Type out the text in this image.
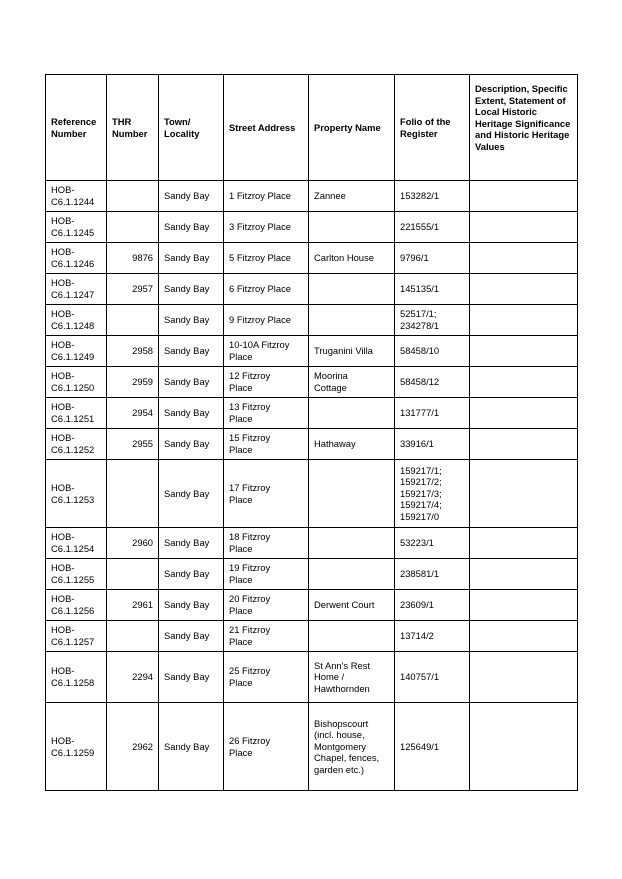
Reference Number	THR Number	Town/ Locality	Street Address	Property Name	Folio of the Register	Description, Specific Extent, Statement of Local Historic Heritage Significance and Historic Heritage Values
HOB-
C6.1.1244		Sandy Bay	1 Fitzroy Place	Zannee	153282/1	
HOB-
C6.1.1245		Sandy Bay	3 Fitzroy Place		221555/1	
HOB-
C6.1.1246	9876	Sandy Bay	5 Fitzroy Place	Carlton House	9796/1	
HOB-
C6.1.1247	2957	Sandy Bay	6 Fitzroy Place		145135/1	
HOB-
C6.1.1248		Sandy Bay	9 Fitzroy Place		52517/1;
234278/1	
HOB-
C6.1.1249	2958	Sandy Bay	10-10A Fitzroy
Place	Truganini Villa	58458/10	
HOB-
C6.1.1250	2959	Sandy Bay	12 Fitzroy
Place	Moorina
Cottage	58458/12	
HOB-
C6.1.1251	2954	Sandy Bay	13 Fitzroy
Place		131777/1	
HOB-
C6.1.1252	2955	Sandy Bay	15 Fitzroy
Place	Hathaway	33916/1	
HOB-
C6.1.1253		Sandy Bay	17 Fitzroy
Place		159217/1;
159217/2;
159217/3;
159217/4;
159217/0	
HOB-
C6.1.1254	2960	Sandy Bay	18 Fitzroy
Place		53223/1	
HOB-
C6.1.1255		Sandy Bay	19 Fitzroy
Place		238581/1	
HOB-
C6.1.1256	2961	Sandy Bay	20 Fitzroy
Place	Derwent Court	23609/1	
HOB-
C6.1.1257		Sandy Bay	21 Fitzroy
Place		13714/2	
HOB-
C6.1.1258	2294	Sandy Bay	25 Fitzroy
Place	St Ann's Rest
Home /
Hawthornden	140757/1	
HOB-
C6.1.1259	2962	Sandy Bay	26 Fitzroy
Place	Bishopscourt
(incl. house,
Montgomery
Chapel, fences,
garden etc.)	125649/1	
